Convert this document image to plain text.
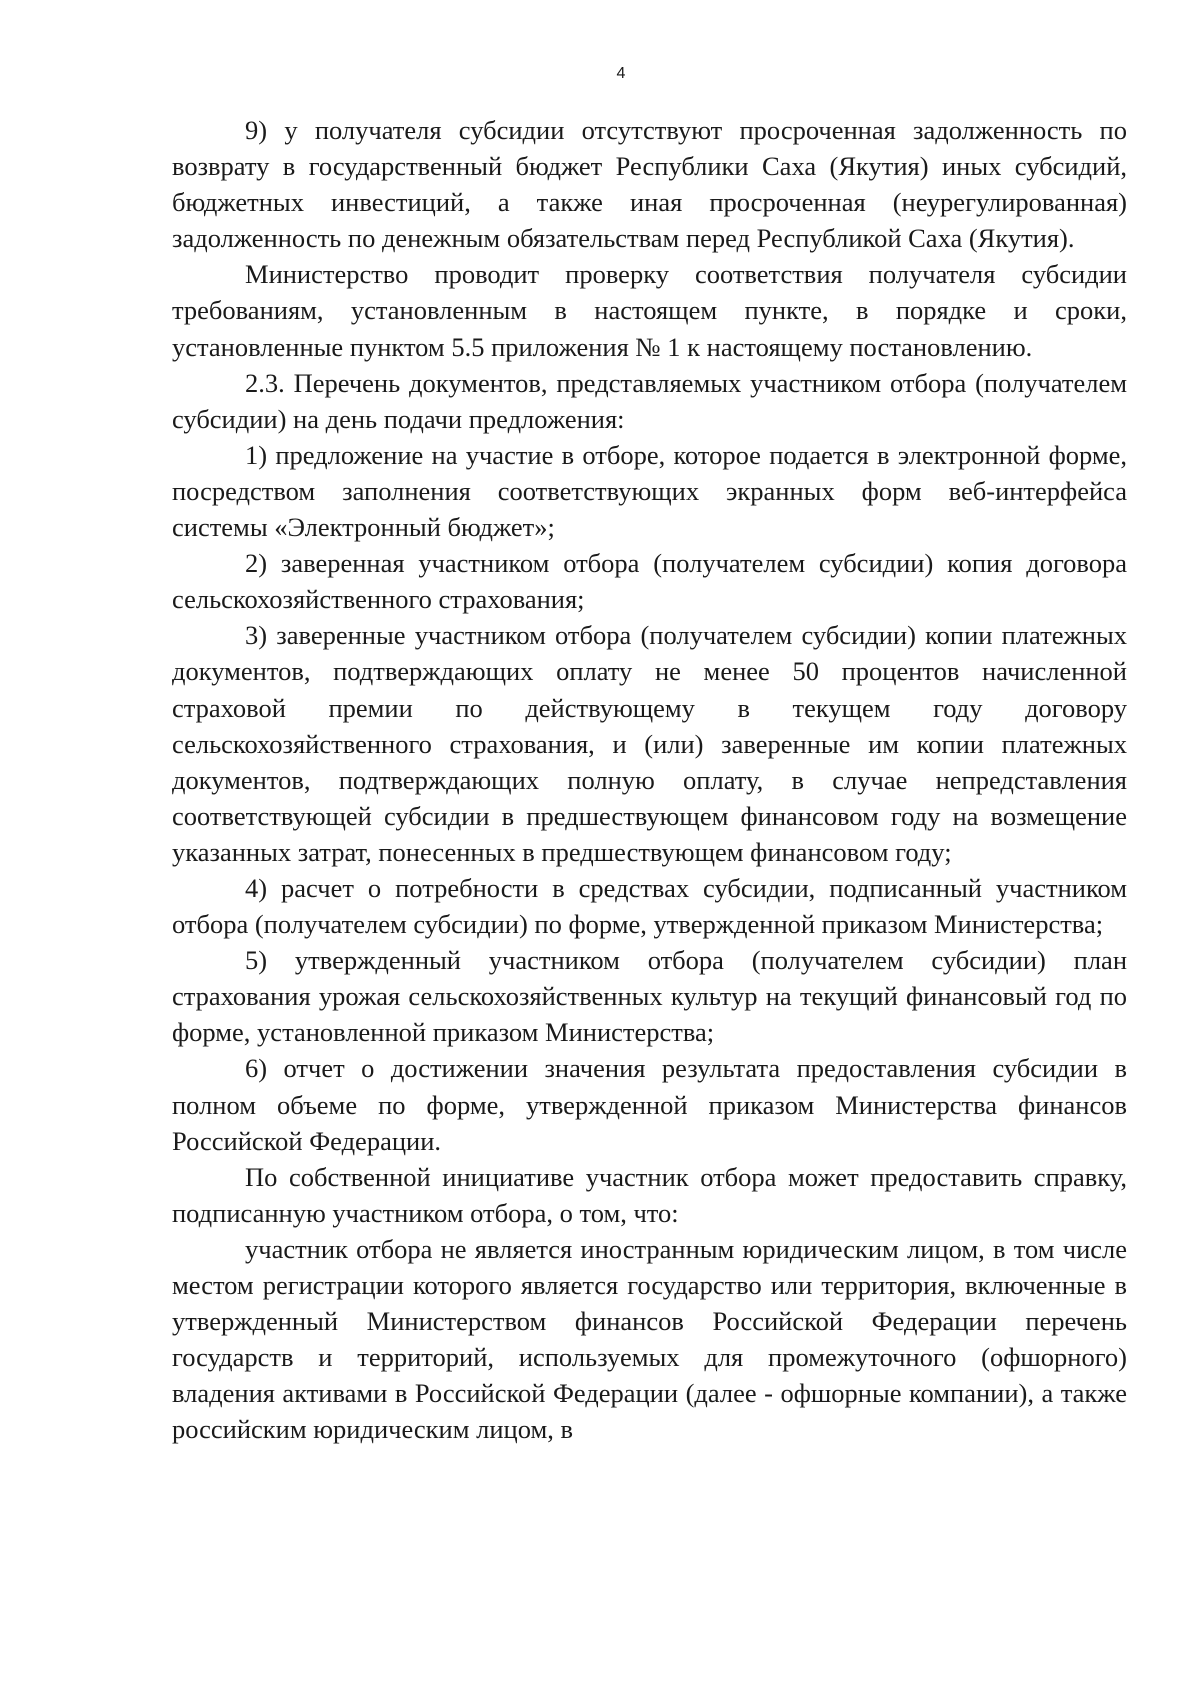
4

9) у получателя субсидии отсутствуют просроченная задолженность по возврату в государственный бюджет Республики Саха (Якутия) иных субсидий, бюджетных инвестиций, а также иная просроченная (неурегулированная) задолженность по денежным обязательствам перед Республикой Саха (Якутия).

Министерство проводит проверку соответствия получателя субсидии требованиям, установленным в настоящем пункте, в порядке и сроки, установленные пунктом 5.5 приложения № 1 к настоящему постановлению.

2.3. Перечень документов, представляемых участником отбора (получателем субсидии) на день подачи предложения:

1) предложение на участие в отборе, которое подается в электронной форме, посредством заполнения соответствующих экранных форм веб-интерфейса системы «Электронный бюджет»;

2) заверенная участником отбора (получателем субсидии) копия договора сельскохозяйственного страхования;

3) заверенные участником отбора (получателем субсидии) копии платежных документов, подтверждающих оплату не менее 50 процентов начисленной страховой премии по действующему в текущем году договору сельскохозяйственного страхования, и (или) заверенные им копии платежных документов, подтверждающих полную оплату, в случае непредставления соответствующей субсидии в предшествующем финансовом году на возмещение указанных затрат, понесенных в предшествующем финансовом году;

4) расчет о потребности в средствах субсидии, подписанный участником отбора (получателем субсидии) по форме, утвержденной приказом Министерства;

5) утвержденный участником отбора (получателем субсидии) план страхования урожая сельскохозяйственных культур на текущий финансовый год по форме, установленной приказом Министерства;

6) отчет о достижении значения результата предоставления субсидии в полном объеме по форме, утвержденной приказом Министерства финансов Российской Федерации.

По собственной инициативе участник отбора может предоставить справку, подписанную участником отбора, о том, что:

участник отбора не является иностранным юридическим лицом, в том числе местом регистрации которого является государство или территория, включенные в утвержденный Министерством финансов Российской Федерации перечень государств и территорий, используемых для промежуточного (офшорного) владения активами в Российской Федерации (далее - офшорные компании), а также российским юридическим лицом, в
